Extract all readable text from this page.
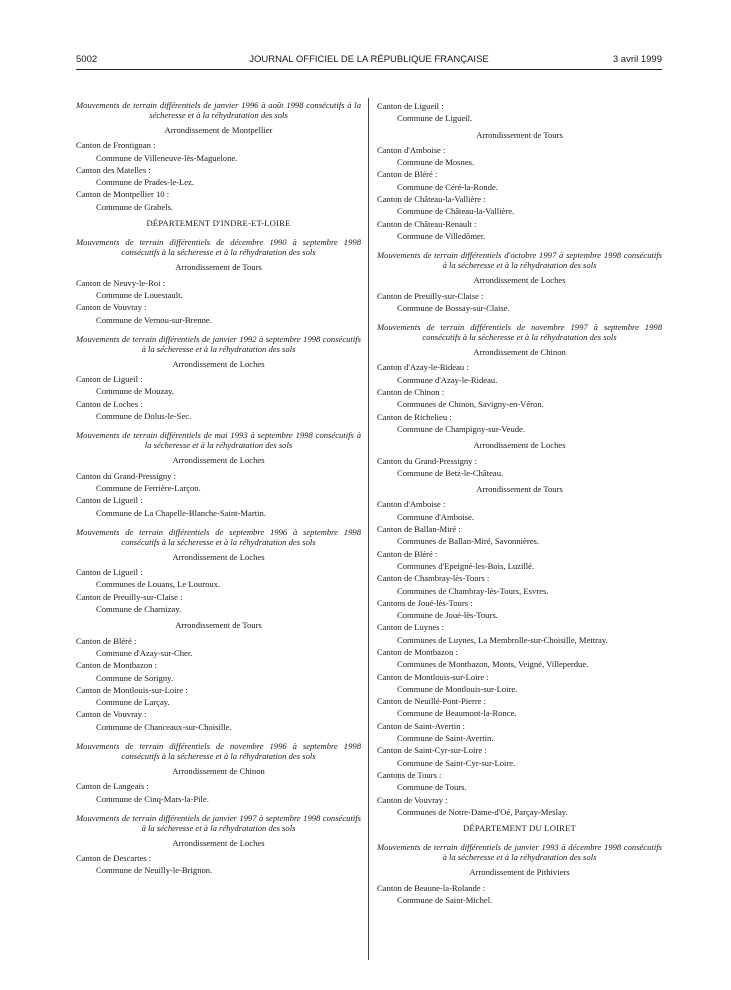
5002	JOURNAL OFFICIEL DE LA RÉPUBLIQUE FRANÇAISE	3 avril 1999
Mouvements de terrain différentiels de janvier 1996 à août 1998 consécutifs à la sécheresse et à la réhydratation des sols
Arrondissement de Montpellier
Canton de Frontignan :
Commune de Villeneuve-lès-Maguelone.
Canton des Matelles :
Commune de Prades-le-Lez.
Canton de Montpellier 10 :
Commune de Grabels.
DÉPARTEMENT D'INDRE-ET-LOIRE
Mouvements de terrain différentiels de décembre 1990 à septembre 1998 consécutifs à la sécheresse et à la réhydratation des sols
Arrondissement de Tours
Canton de Neuvy-le-Roi :
Commune de Louestault.
Canton de Vouvray :
Commune de Vernou-sur-Brenne.
Mouvements de terrain différentiels de janvier 1992 à septembre 1998 consécutifs à la sécheresse et à la réhydratation des sols
Arrondissement de Loches
Canton de Ligueil :
Commune de Mouzay.
Canton de Loches :
Commune de Dolus-le-Sec.
Mouvements de terrain différentiels de mai 1993 à septembre 1998 consécutifs à la sécheresse et à la réhydratation des sols
Arrondissement de Loches
Canton du Grand-Pressigny :
Commune de Ferrière-Larçon.
Canton de Ligueil :
Commune de La Chapelle-Blanche-Saint-Martin.
Mouvements de terrain différentiels de septembre 1996 à septembre 1998 consécutifs à la sécheresse et à la réhydratation des sols
Arrondissement de Loches
Canton de Ligueil :
Communes de Louans, Le Louroux.
Canton de Preuilly-sur-Claise :
Commune de Charnizay.
Arrondissement de Tours
Canton de Bléré :
Commune d'Azay-sur-Cher.
Canton de Montbazon :
Commune de Sorigny.
Canton de Montlouis-sur-Loire :
Commune de Larçay.
Canton de Vouvray :
Commune de Chanceaux-sur-Choisille.
Mouvements de terrain différentiels de novembre 1996 à septembre 1998 consécutifs à la sécheresse et à la réhydratation des sols
Arrondissement de Chinon
Canton de Langeais :
Commune de Cinq-Mars-la-Pile.
Mouvements de terrain différentiels de janvier 1997 à septembre 1998 consécutifs à la sécheresse et à la réhydratation des sols
Arrondissement de Loches
Canton de Descartes :
Commune de Neuilly-le-Brignon.
Canton de Ligueil :
Commune de Ligueil.
Arrondissement de Tours
Canton d'Amboise :
Commune de Mosnes.
Canton de Bléré :
Commune de Céré-la-Ronde.
Canton de Château-la-Vallière :
Commune de Château-la-Vallière.
Canton de Château-Renault :
Commune de Villedômer.
Mouvements de terrain différentiels d'octobre 1997 à septembre 1998 consécutifs à la sécheresse et à la réhydratation des sols
Arrondissement de Loches
Canton de Preuilly-sur-Claise :
Commune de Bossay-sur-Claise.
Mouvements de terrain différentiels de novembre 1997 à septembre 1998 consécutifs à la sécheresse et à la réhydratation des sols
Arrondissement de Chinon
Canton d'Azay-le-Rideau :
Commune d'Azay-le-Rideau.
Canton de Chinon :
Communes de Chinon, Savigny-en-Véron.
Canton de Richelieu :
Commune de Champigny-sur-Veude.
Arrondissement de Loches
Canton du Grand-Pressigny :
Commune de Betz-le-Château.
Arrondissement de Tours
Canton d'Amboise :
Commune d'Amboise.
Canton de Ballan-Miré :
Communes de Ballan-Miré, Savonnières.
Canton de Bléré :
Communes d'Epeigné-les-Bois, Luzillé.
Canton de Chambray-lès-Tours :
Communes de Chambray-lès-Tours, Esvres.
Cantons de Joué-lès-Tours :
Commune de Joué-lès-Tours.
Canton de Luynes :
Communes de Luynes, La Membrolle-sur-Choisille, Mettray.
Canton de Montbazon :
Communes de Montbazon, Monts, Veigné, Villeperdue.
Canton de Montlouis-sur-Loire :
Commune de Montlouis-sur-Loire.
Canton de Neuillé-Pont-Pierre :
Commune de Beaumont-la-Ronce.
Canton de Saint-Avertin :
Commune de Saint-Avertin.
Canton de Saint-Cyr-sur-Loire :
Commune de Saint-Cyr-sur-Loire.
Cantons de Tours :
Commune de Tours.
Canton de Vouvray :
Communes de Notre-Dame-d'Oé, Parçay-Meslay.
DÉPARTEMENT DU LOIRET
Mouvements de terrain différentiels de janvier 1993 à décembre 1998 consécutifs à la sécheresse et à la réhydratation des sols
Arrondissement de Pithiviers
Canton de Beaune-la-Rolande :
Commune de Saint-Michel.
